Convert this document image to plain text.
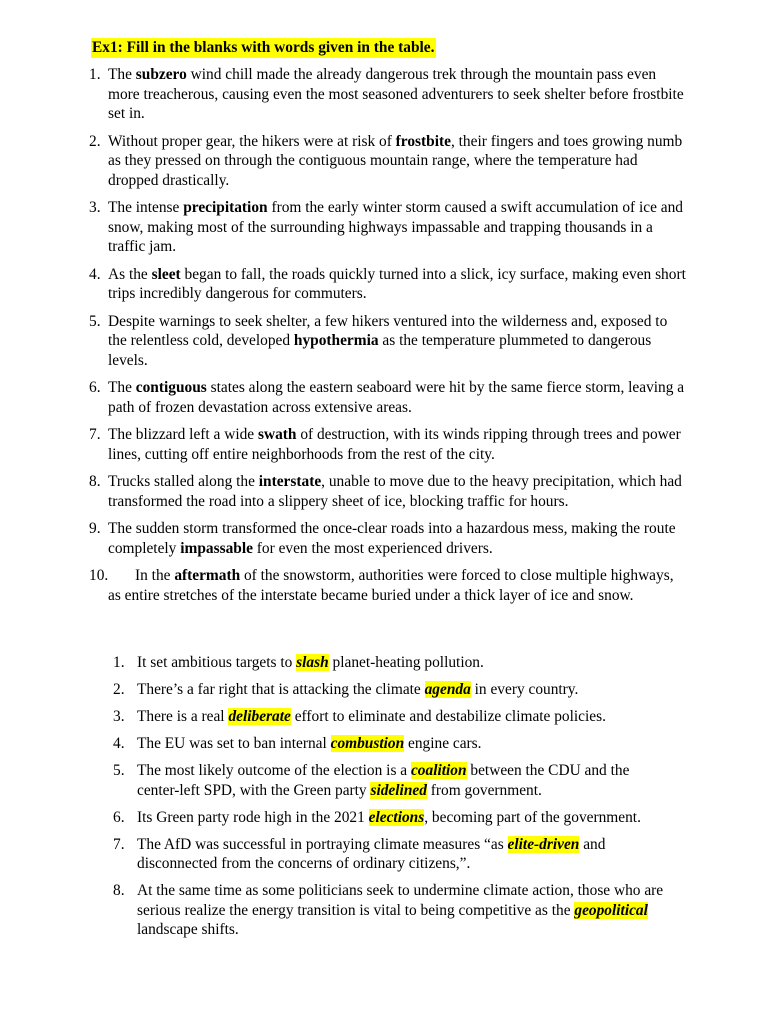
Ex1: Fill in the blanks with words given in the table.
1. The subzero wind chill made the already dangerous trek through the mountain pass even more treacherous, causing even the most seasoned adventurers to seek shelter before frostbite set in.
2. Without proper gear, the hikers were at risk of frostbite, their fingers and toes growing numb as they pressed on through the contiguous mountain range, where the temperature had dropped drastically.
3. The intense precipitation from the early winter storm caused a swift accumulation of ice and snow, making most of the surrounding highways impassable and trapping thousands in a traffic jam.
4. As the sleet began to fall, the roads quickly turned into a slick, icy surface, making even short trips incredibly dangerous for commuters.
5. Despite warnings to seek shelter, a few hikers ventured into the wilderness and, exposed to the relentless cold, developed hypothermia as the temperature plummeted to dangerous levels.
6. The contiguous states along the eastern seaboard were hit by the same fierce storm, leaving a path of frozen devastation across extensive areas.
7. The blizzard left a wide swath of destruction, with its winds ripping through trees and power lines, cutting off entire neighborhoods from the rest of the city.
8. Trucks stalled along the interstate, unable to move due to the heavy precipitation, which had transformed the road into a slippery sheet of ice, blocking traffic for hours.
9. The sudden storm transformed the once-clear roads into a hazardous mess, making the route completely impassable for even the most experienced drivers.
10. In the aftermath of the snowstorm, authorities were forced to close multiple highways, as entire stretches of the interstate became buried under a thick layer of ice and snow.
1. It set ambitious targets to slash planet-heating pollution.
2. There’s a far right that is attacking the climate agenda in every country.
3. There is a real deliberate effort to eliminate and destabilize climate policies.
4. The EU was set to ban internal combustion engine cars.
5. The most likely outcome of the election is a coalition between the CDU and the center-left SPD, with the Green party sidelined from government.
6. Its Green party rode high in the 2021 elections, becoming part of the government.
7. The AfD was successful in portraying climate measures “as elite-driven and disconnected from the concerns of ordinary citizens,”.
8. At the same time as some politicians seek to undermine climate action, those who are serious realize the energy transition is vital to being competitive as the geopolitical landscape shifts.
